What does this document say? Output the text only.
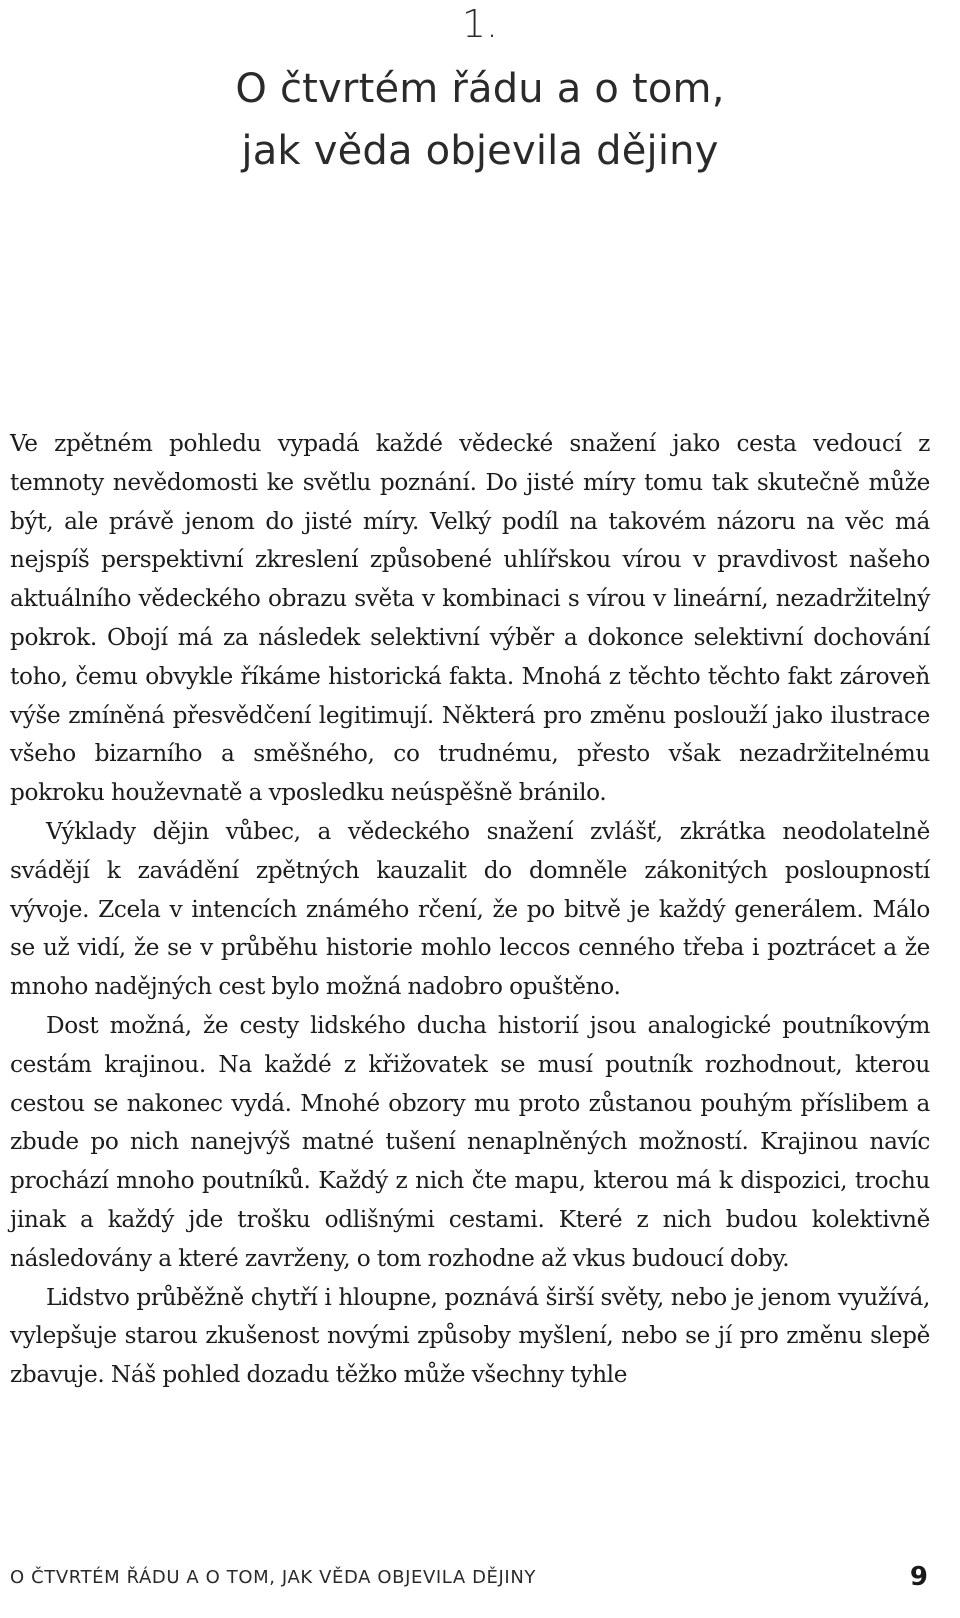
1.
O čtvrtém řádu a o tom,
jak věda objevila dějiny

Ve zpětném pohledu vypadá každé vědecké snažení jako cesta vedoucí z temnoty nevědomosti ke světlu poznání. Do jisté míry tomu tak skutečně může být, ale právě jenom do jisté míry. Velký podíl na takovém názoru na věc má nejspíš perspektivní zkreslení způsobené uhlířskou vírou v pravdivost našeho aktuálního vědeckého obrazu světa v kombinaci s vírou v lineární, nezadržitelný pokrok. Obojí má za následek selektivní výběr a dokonce selektivní dochování toho, čemu obvykle říkáme historická fakta. Mnohá z těchto těchto fakt zároveň výše zmíněná přesvědčení legitimují. Některá pro změnu poslouží jako ilustrace všeho bizarního a směšného, co trudnému, přesto však nezadržitelnému pokroku houževnatě a vposledku neúspěšně bránilo.

Výklady dějin vůbec, a vědeckého snažení zvlášť, zkrátka neodolatelně svádějí k zavádění zpětných kauzalit do domněle zákonitých posloupností vývoje. Zcela v intencích známého rčení, že po bitvě je každý generálem. Málo se už vidí, že se v průběhu historie mohlo leccos cenného třeba i poztrácet a že mnoho nadějných cest bylo možná nadobro opuštěno.

Dost možná, že cesty lidského ducha historií jsou analogické poutníkovým cestám krajinou. Na každé z křižovatek se musí poutník rozhodnout, kterou cestou se nakonec vydá. Mnohé obzory mu proto zůstanou pouhým příslibem a zbude po nich nanejvýš matné tušení nenaplněných možností. Krajinou navíc prochází mnoho poutníků. Každý z nich čte mapu, kterou má k dispozici, trochu jinak a každý jde trošku odlišnými cestami. Které z nich budou kolektivně následovány a které zavrženy, o tom rozhodne až vkus budoucí doby.

Lidstvo průběžně chytří i hloupne, poznává širší světy, nebo je jenom využívá, vylepšuje starou zkušenost novými způsoby myšlení, nebo se jí pro změnu slepě zbavuje. Náš pohled dozadu těžko může všechny tyhle

O ČTVRTÉM ŘÁDU A O TOM, JAK VĚDA OBJEVILA DĚJINY	9
